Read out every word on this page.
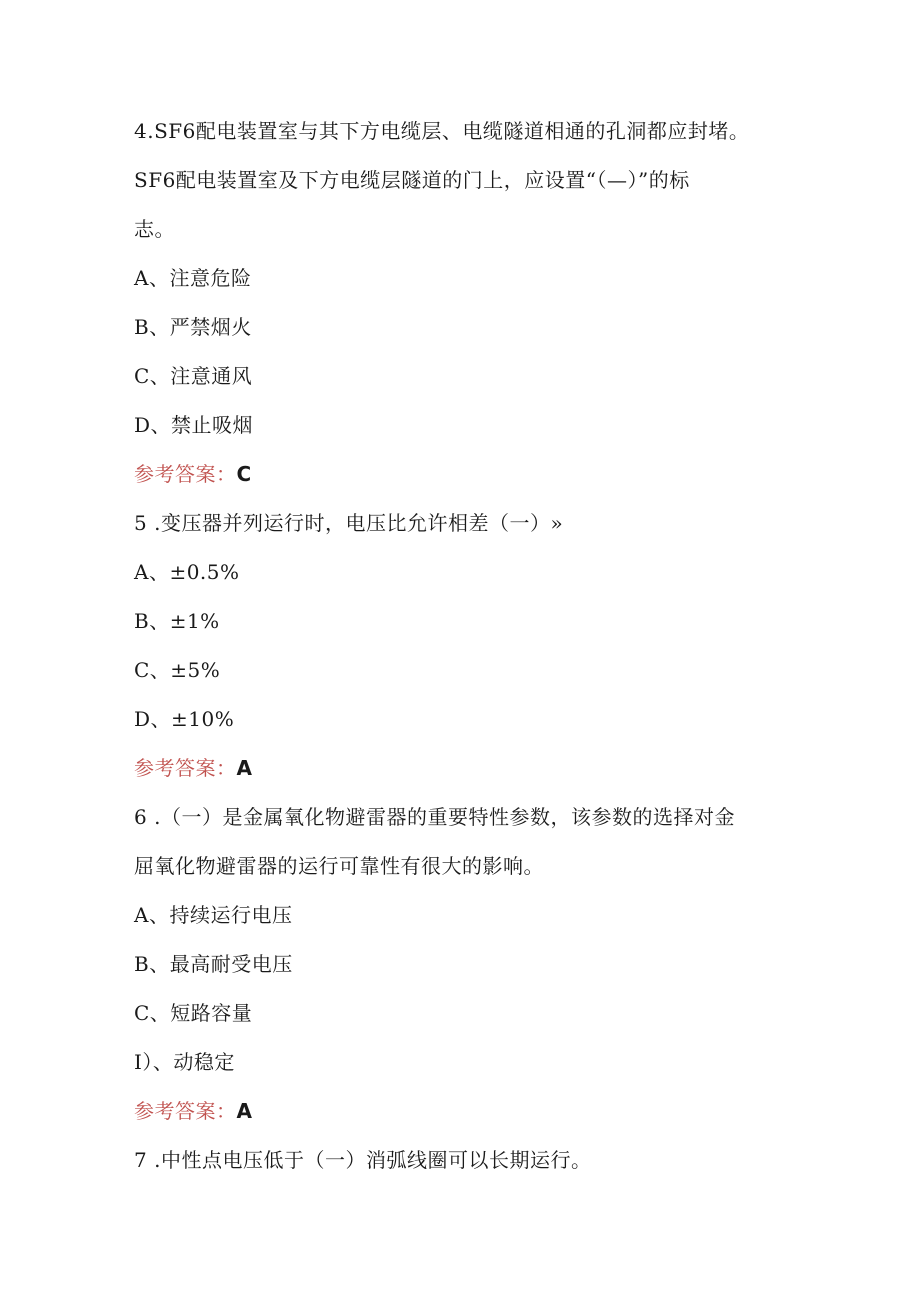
4.SF6配电装置室与其下方电缆层、电缆隧道相通的孔洞都应封堵。
SF6配电装置室及下方电缆层隧道的门上，应设置“（—）”的标
志。
A、注意危险
B、严禁烟火
C、注意通风
D、禁止吸烟
参考答案：C
5 .变压器并列运行时，电压比允许相差（一）»
A、±0.5%
B、±1%
C、±5%
D、±10%
参考答案：A
6 .（一）是金属氧化物避雷器的重要特性参数，该参数的选择对金
屈氧化物避雷器的运行可靠性有很大的影响。
A、持续运行电压
B、最高耐受电压
C、短路容量
I）、动稳定
参考答案：A
7 .中性点电压低于（一）消弧线圈可以长期运行。
